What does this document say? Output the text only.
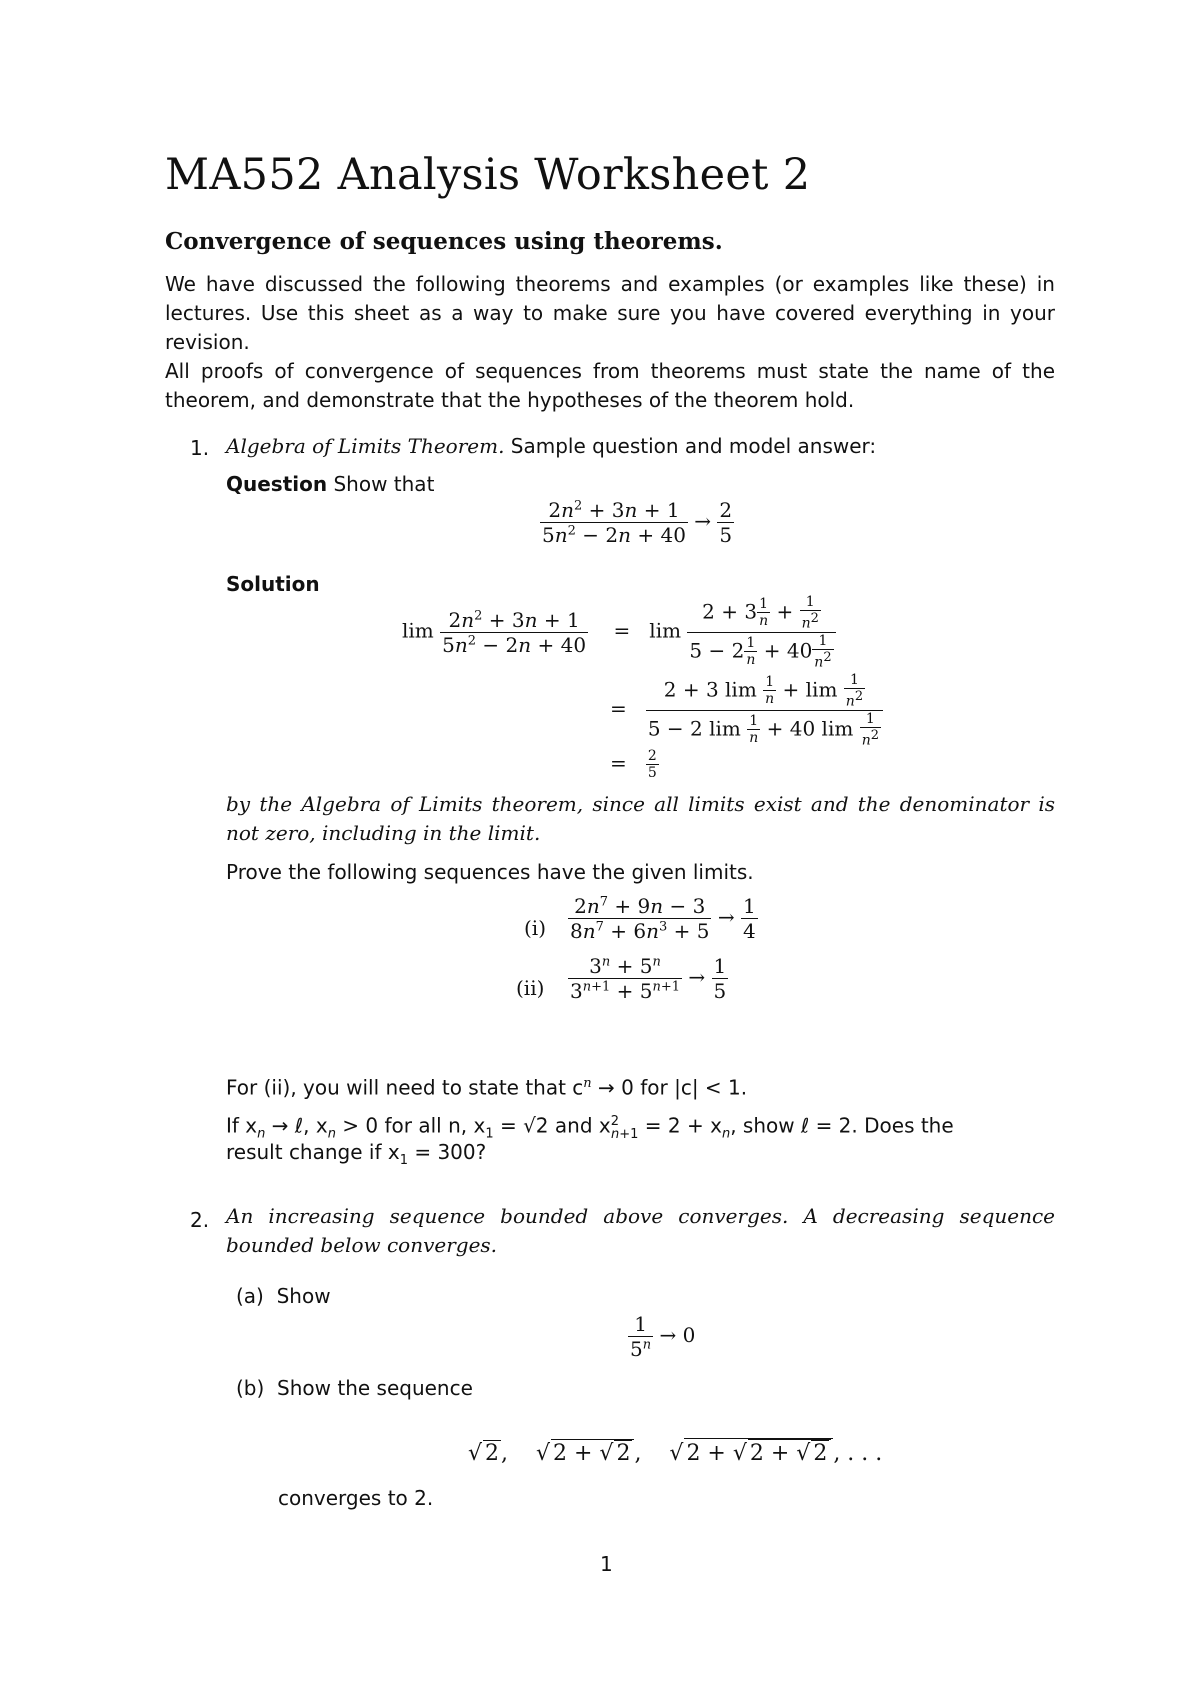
MA552 Analysis Worksheet 2
Convergence of sequences using theorems.

We have discussed the following theorems and examples (or examples like these) in lectures. Use this sheet as a way to make sure you have covered everything in your revision.

All proofs of convergence of sequences from theorems must state the name of the theorem, and demonstrate that the hypotheses of the theorem hold.

1. Algebra of Limits Theorem. Sample question and model answer:
Question Show that
$\frac{2n^2 + 3n + 1}{5n^2 - 2n + 40} \to \frac{2}{5}$
Solution
$\lim \frac{2n^2 + 3n + 1}{5n^2 - 2n + 40} = \lim \frac{2 + 3 \frac{1}{n} + \frac{1}{n^2}}{5 - 2 \frac{1}{n} + 40 \frac{1}{n^2}}$
= $\frac{2 + 3 \lim \frac{1}{n} + \lim \frac{1}{n^2}}{5 - 2 \lim \frac{1}{n} + 40 \lim \frac{1}{n^2}}$
= $\frac{2}{5}$

by the Algebra of Limits theorem, since all limits exist and the denominator is not zero, including in the limit.

Prove the following sequences have the given limits.
$(i) \frac{2n^7 + 9n - 3}{8n^7 + 6n^3 + 5} \to \frac{1}{4}$
$(ii) \frac{3^n + 5^n}{3^{n+1} + 5^{n+1}} \to \frac{1}{5}$
For (ii), you will need to state that $c^n \to 0$ for |c| < 1.
If $x_n$ → ℓ, $x_n > 0$ for all n, $x_1 = √2$ and $x^2_{n+1} = 2 + x_n$, show ℓ = 2. Does the
result change if $x_1 = 300$?
2. An increasing sequence bounded above converges. A decreasing sequence bounded below converges.

(a) Show
$\frac{1}{5^n} \to 0$
(b) Show the sequence
√ 2,    √ 2 + √ 2 ,    √ 2 + √ 2 + √ 2 , . . .
converges to 2.
1
